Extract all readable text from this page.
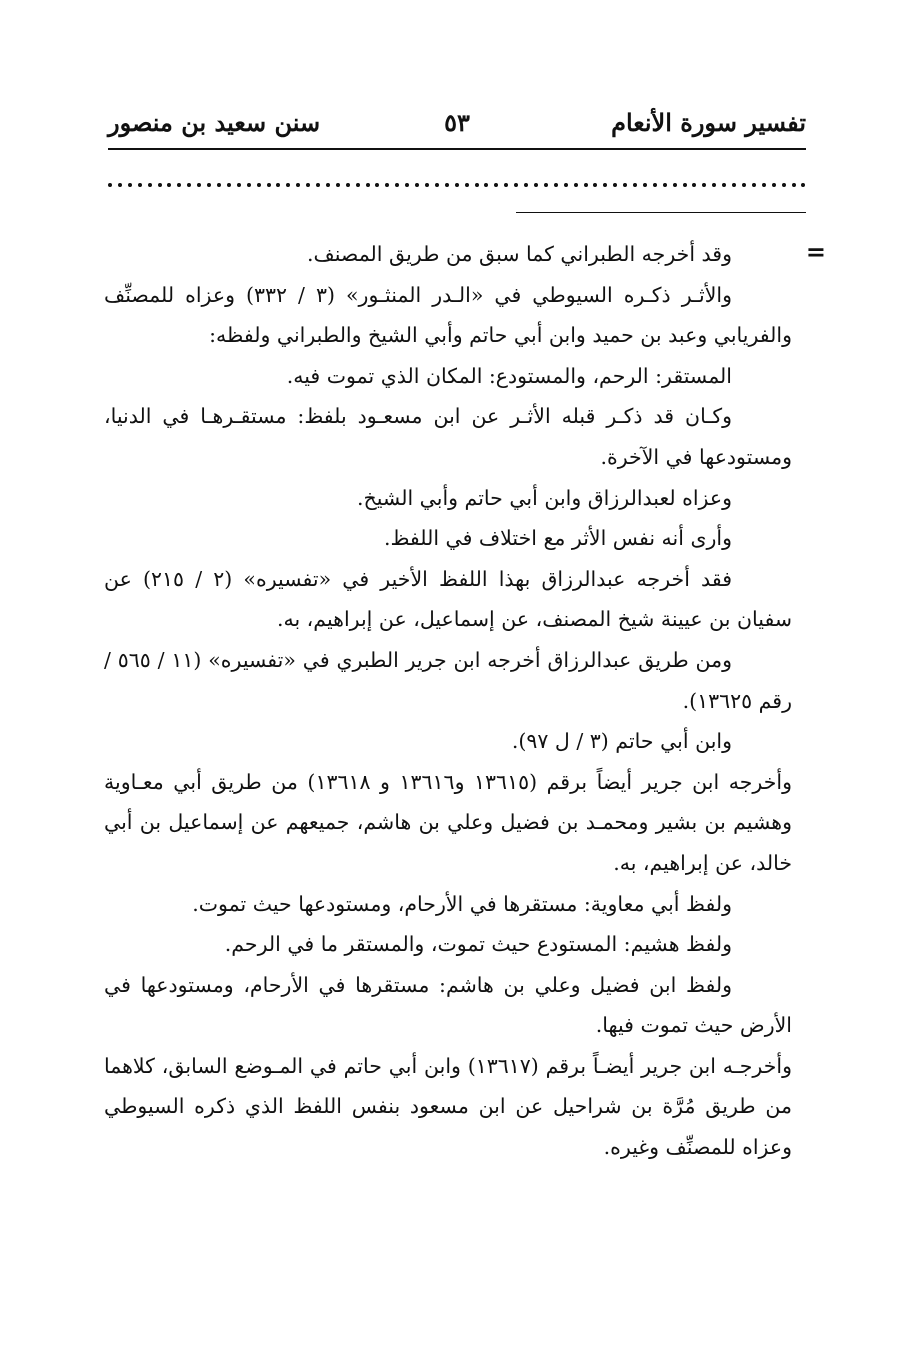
تفسير سورة الأنعام
٥٣
سنن سعيد بن منصور
=

وقد أخرجه الطبراني كما سبق من طريق المصنف.

والأثـر ذكـره السيوطي في «الـدر المنثـور» (٣ / ٣٣٢) وعزاه للمصنِّف والفريابي وعبد بن حميد وابن أبي حاتم وأبي الشيخ والطبراني ولفظه:

المستقر: الرحم، والمستودع: المكان الذي تموت فيه.

وكـان قد ذكـر قبله الأثـر عن ابن مسعـود بلفظ: مستقـرهـا في الدنيا، ومستودعها في الآخرة.

وعزاه لعبدالرزاق وابن أبي حاتم وأبي الشيخ.

وأرى أنه نفس الأثر مع اختلاف في اللفظ.

فقد أخرجه عبدالرزاق بهذا اللفظ الأخير في «تفسيره» (٢ / ٢١٥) عن سفيان بن عيينة شيخ المصنف، عن إسماعيل، عن إبراهيم، به.

ومن طريق عبدالرزاق أخرجه ابن جرير الطبري في «تفسيره» (١١ / ٥٦٥ / رقم ١٣٦٢٥).

وابن أبي حاتم (٣ / ل ٩٧).

وأخرجه ابن جرير أيضاً برقم (١٣٦١٥ و١٣٦١٦ و ١٣٦١٨) من طريق أبي معـاوية وهشيم بن بشير ومحمـد بن فضيل وعلي بن هاشم، جميعهم عن إسماعيل بن أبي خالد، عن إبراهيم، به.

ولفظ أبي معاوية: مستقرها في الأرحام، ومستودعها حيث تموت.

ولفظ هشيم: المستودع حيث تموت، والمستقر ما في الرحم.

ولفظ ابن فضيل وعلي بن هاشم: مستقرها في الأرحام، ومستودعها في الأرض حيث تموت فيها.

وأخرجـه ابن جرير أيضـاً برقم (١٣٦١٧) وابن أبي حاتم في المـوضع السابق، كلاهما من طريق مُرَّة بن شراحيل عن ابن مسعود بنفس اللفظ الذي ذكره السيوطي وعزاه للمصنِّف وغيره.
